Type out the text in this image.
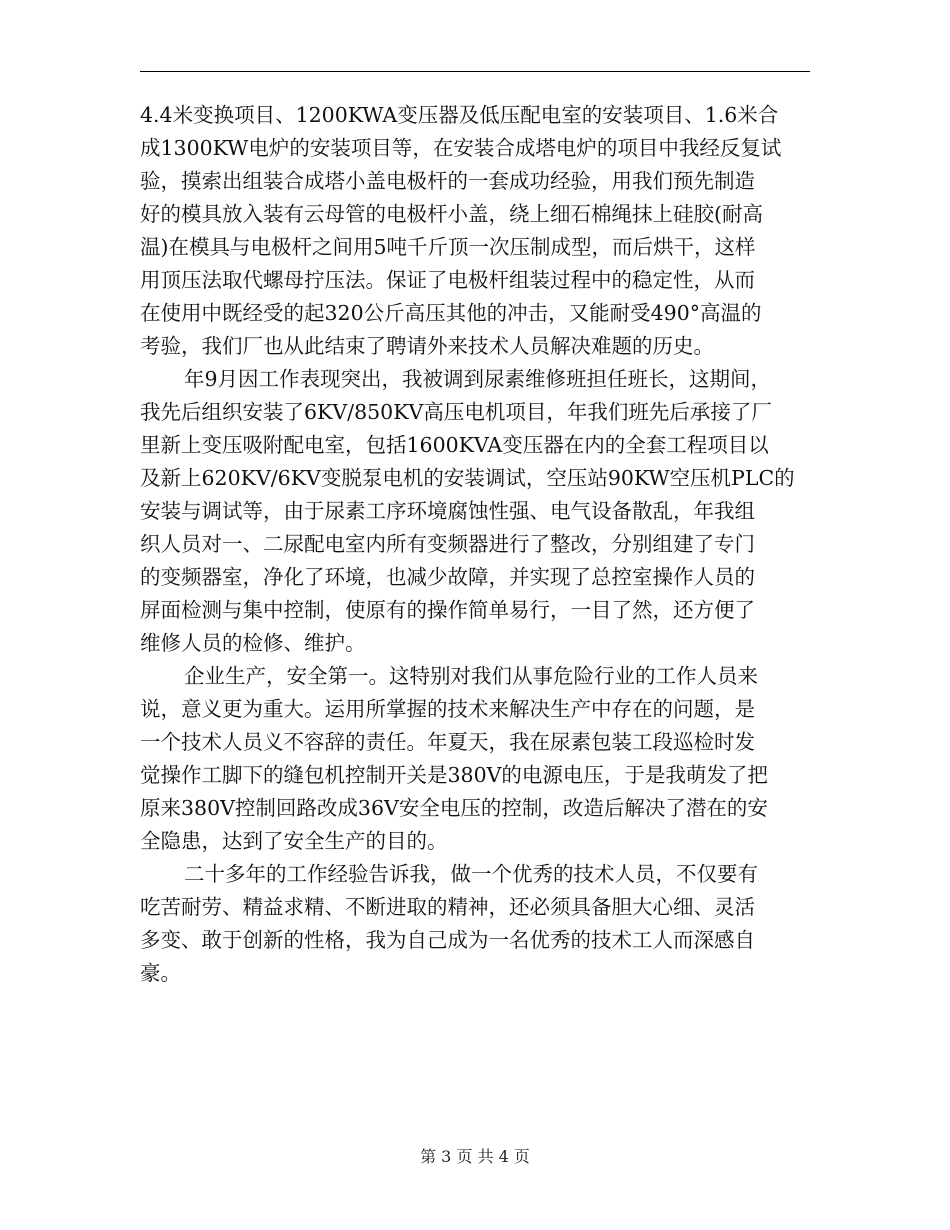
4.4米变换项目、1200KWA变压器及低压配电室的安装项目、1.6米合
成1300KW电炉的安装项目等，在安装合成塔电炉的项目中我经反复试
验，摸索出组装合成塔小盖电极杆的一套成功经验，用我们预先制造
好的模具放入装有云母管的电极杆小盖，绕上细石棉绳抹上硅胶(耐高
温)在模具与电极杆之间用5吨千斤顶一次压制成型，而后烘干，这样
用顶压法取代螺母拧压法。保证了电极杆组装过程中的稳定性，从而
在使用中既经受的起320公斤高压其他的冲击，又能耐受490°高温的
考验，我们厂也从此结束了聘请外来技术人员解决难题的历史。
年9月因工作表现突出，我被调到尿素维修班担任班长，这期间，
我先后组织安装了6KV/850KV高压电机项目，年我们班先后承接了厂
里新上变压吸附配电室，包括1600KVA变压器在内的全套工程项目以
及新上620KV/6KV变脱泵电机的安装调试，空压站90KW空压机PLC的
安装与调试等，由于尿素工序环境腐蚀性强、电气设备散乱，年我组
织人员对一、二尿配电室内所有变频器进行了整改，分别组建了专门
的变频器室，净化了环境，也减少故障，并实现了总控室操作人员的
屏面检测与集中控制，使原有的操作简单易行，一目了然，还方便了
维修人员的检修、维护。
企业生产，安全第一。这特别对我们从事危险行业的工作人员来
说，意义更为重大。运用所掌握的技术来解决生产中存在的问题，是
一个技术人员义不容辞的责任。年夏天，我在尿素包装工段巡检时发
觉操作工脚下的缝包机控制开关是380V的电源电压，于是我萌发了把
原来380V控制回路改成36V安全电压的控制，改造后解决了潜在的安
全隐患，达到了安全生产的目的。
二十多年的工作经验告诉我，做一个优秀的技术人员，不仅要有
吃苦耐劳、精益求精、不断进取的精神，还必须具备胆大心细、灵活
多变、敢于创新的性格，我为自己成为一名优秀的技术工人而深感自
豪。
第 3 页 共 4 页
